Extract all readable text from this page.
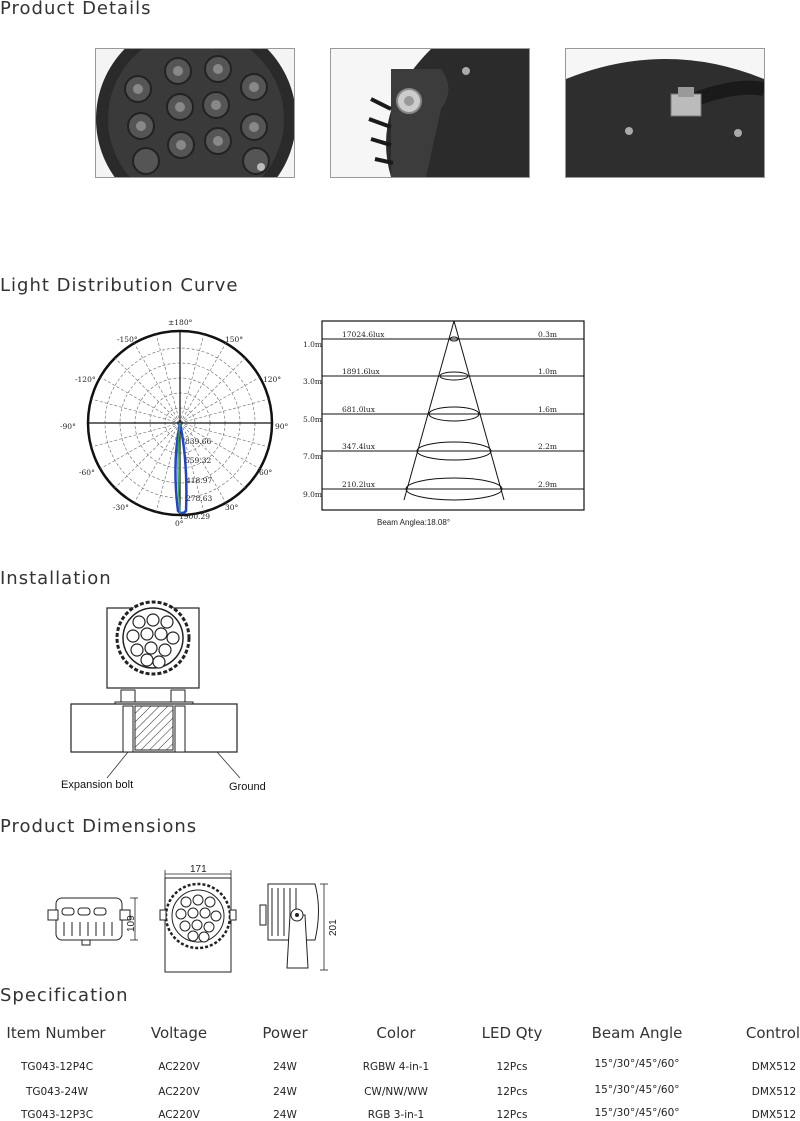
Product Details
Light Distribution Curve
Installation
Product Dimensions
Specification
±180°
-150°	150°
-120°	120°
-90°	90°
-60°	60°
-30°	30°
0°
839.66
559.32
418.97
278.63
1900.29
1.0m
3.0m
5.0m
7.0m
9.0m
17024.6lux
1891.6lux
681.0lux
347.4lux
210.2lux
0.3m
1.0m
1.6m
2.2m
2.9m
Beam Anglea:18.08°
Expansion bolt	Ground
109
171
201
Item Number	Voltage	Power	Color	LED Qty	Beam Angle	Control
TG043-12P4C	AC220V	24W	RGBW 4-in-1	12Pcs	15°/30°/45°/60°	DMX512
TG043-24W	AC220V	24W	CW/NW/WW	12Pcs	15°/30°/45°/60°	DMX512
TG043-12P3C	AC220V	24W	RGB 3-in-1	12Pcs	15°/30°/45°/60°	DMX512
